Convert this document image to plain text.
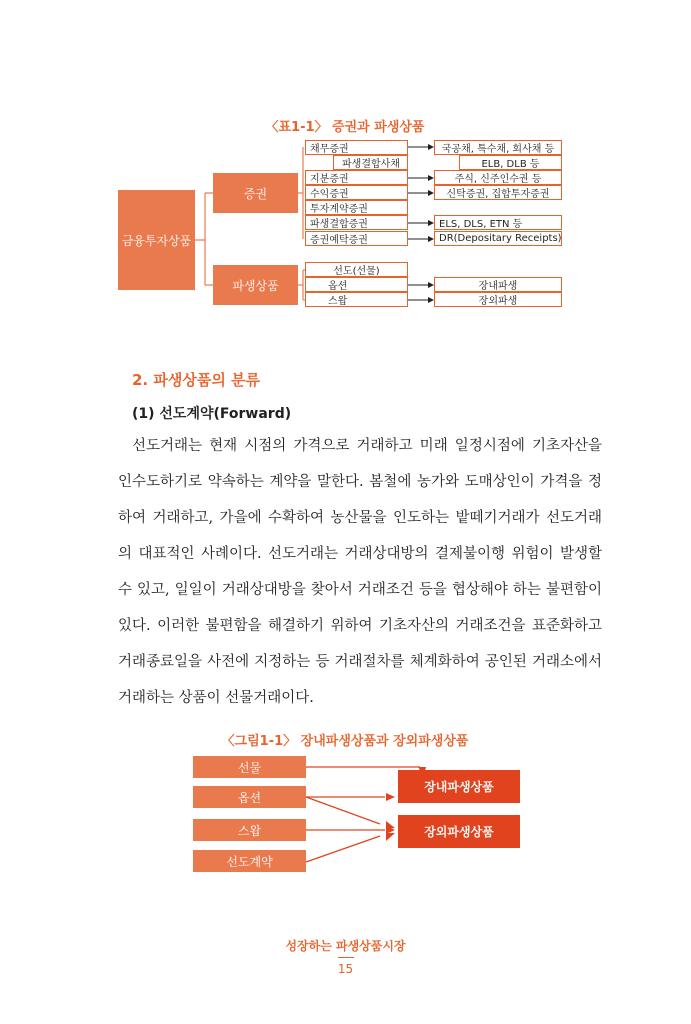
〈표1-1〉 증권과 파생상품
금융투자상품
증권
파생상품
채무증권
파생결합사채
지분증권
수익증권
투자계약증권
파생결합증권
증권예탁증권
국공채, 특수채, 회사채 등
ELB, DLB 등
주식, 신주인수권 등
신탁증권, 집합투자증권
ELS, DLS, ETN 등
DR(Depositary Receipts)
선도(선물)
옵션
스왑
장내파생
장외파생
2. 파생상품의 분류
(1) 선도계약(Forward)

선도거래는 현재 시점의 가격으로 거래하고 미래 일정시점에 기초자산을 인수도하기로 약속하는 계약을 말한다. 봄철에 농가와 도매상인이 가격을 정하여 거래하고, 가을에 수확하여 농산물을 인도하는 밭떼기거래가 선도거래의 대표적인 사례이다. 선도거래는 거래상대방의 결제불이행 위험이 발생할 수 있고, 일일이 거래상대방을 찾아서 거래조건 등을 협상해야 하는 불편함이 있다. 이러한 불편함을 해결하기 위하여 기초자산의 거래조건을 표준화하고 거래종료일을 사전에 지정하는 등 거래절차를 체계화하여 공인된 거래소에서 거래하는 상품이 선물거래이다.

〈그림1-1〉 장내파생상품과 장외파생상품
선물
옵션
스왑
선도계약
장내파생상품
장외파생상품
성장하는 파생상품시장
15
